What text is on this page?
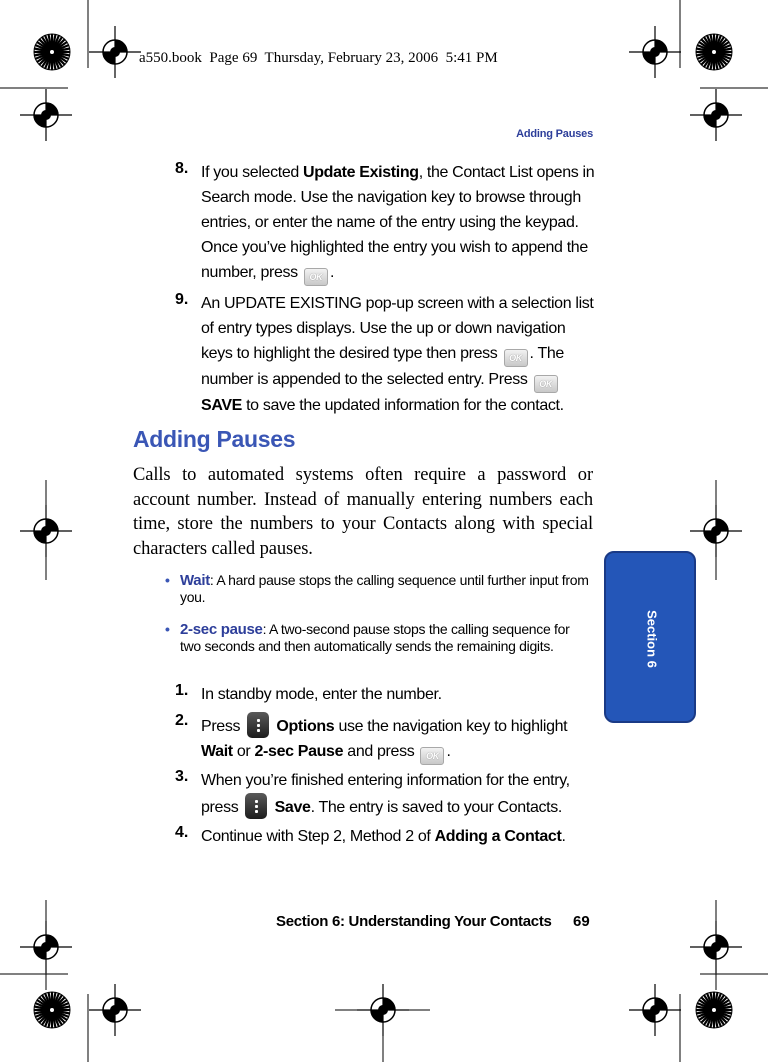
a550.book  Page 69  Thursday, February 23, 2006  5:41 PM
Adding Pauses
8. If you selected Update Existing, the Contact List opens in Search mode. Use the navigation key to browse through entries, or enter the name of the entry using the keypad. Once you’ve highlighted the entry you wish to append the number, press OK .
9. An UPDATE EXISTING pop-up screen with a selection list of entry types displays. Use the up or down navigation keys to highlight the desired type then press OK . The number is appended to the selected entry. Press OK SAVE to save the updated information for the contact.
Adding Pauses
Calls to automated systems often require a password or account number. Instead of manually entering numbers each time, store the numbers to your Contacts along with special characters called pauses.
• Wait: A hard pause stops the calling sequence until further input from you.
• 2-sec pause: A two-second pause stops the calling sequence for two seconds and then automatically sends the remaining digits.
1. In standby mode, enter the number.
2. Press
Options use the navigation key to highlight Wait or 2-sec Pause and press OK .
3. When you’re finished entering information for the entry, press
Save. The entry is saved to your Contacts.
4. Continue with Step 2, Method 2 of Adding a Contact.
Section 6
Section 6: Understanding Your Contacts 69
